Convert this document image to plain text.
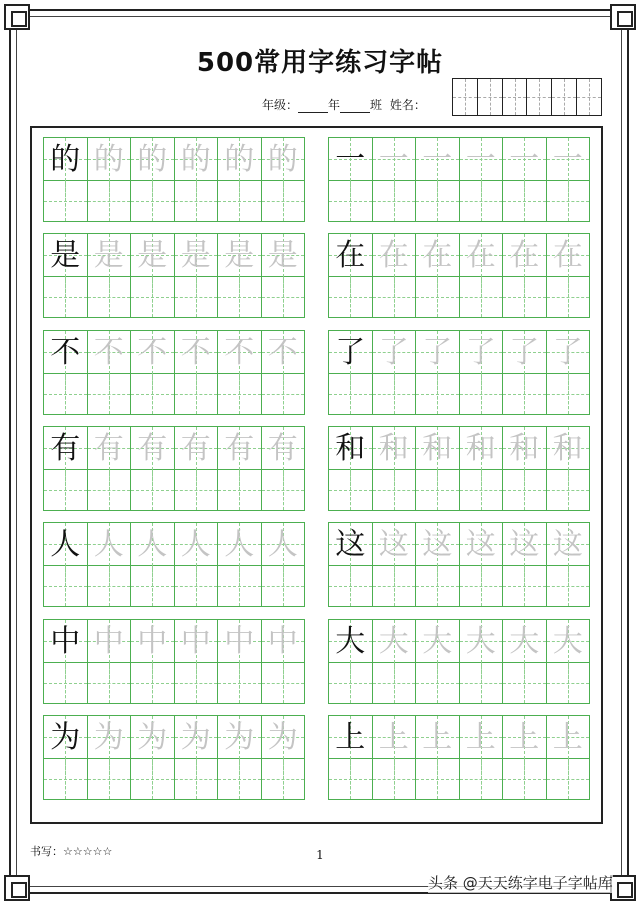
500常用字练习字帖
年级：	年	班 姓名：
的 的 的 的 的 的
是 是 是 是 是 是
不 不 不 不 不 不
有 有 有 有 有 有
人 人 人 人 人 人
中 中 中 中 中 中
为 为 为 为 为 为
一 一 一 一 一 一
在 在 在 在 在 在
了 了 了 了 了 了
和 和 和 和 和 和
这 这 这 这 这 这
大 大 大 大 大 大
上 上 上 上 上 上
书写：☆☆☆☆☆	1
头条 @天天练字电子字帖库
